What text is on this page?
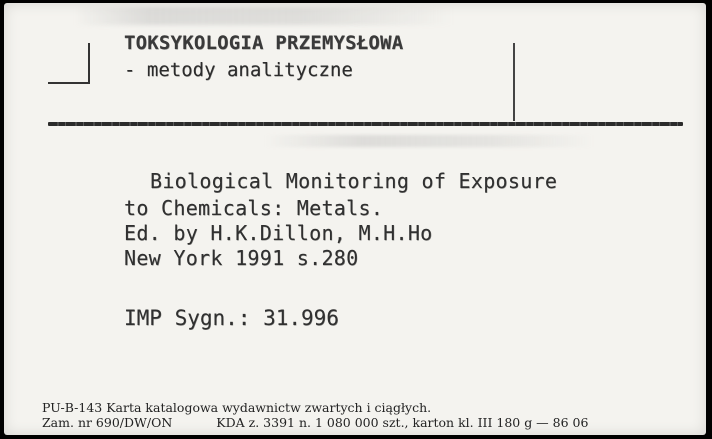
TOKSYKOLOGIA PRZEMYSŁOWA
- metody analityczne
Biological Monitoring of Exposure
to Chemicals: Metals.
Ed. by H.K.Dillon, M.H.Ho
New York 1991 s.280
IMP Sygn.: 31.996
PU-B-143 Karta katalogowa wydawnictw zwartych i ciągłych.
Zam. nr 690/DW/ON	KDA z. 3391 n. 1 080 000 szt., karton kl. III 180 g — 86 06
